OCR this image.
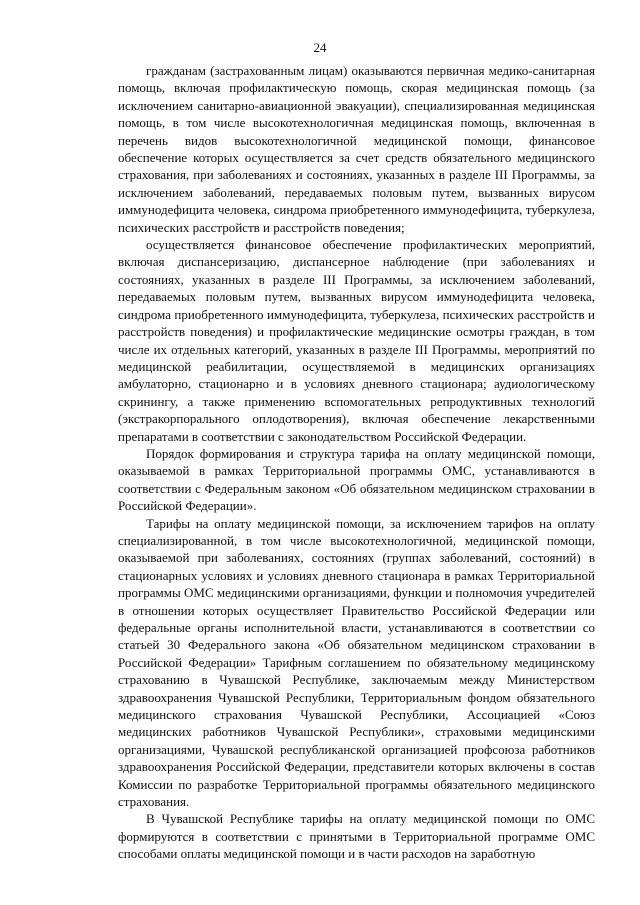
24

гражданам (застрахованным лицам) оказываются первичная медико-санитарная помощь, включая профилактическую помощь, скорая медицинская помощь (за исключением санитарно-авиационной эвакуации), специализированная медицинская помощь, в том числе высокотехнологичная медицинская помощь, включенная в перечень видов высокотехнологичной медицинской помощи, финансовое обеспечение которых осуществляется за счет средств обязательного медицинского страхования, при заболеваниях и состояниях, указанных в разделе III Программы, за исключением заболеваний, передаваемых половым путем, вызванных вирусом иммунодефицита человека, синдрома приобретенного иммунодефицита, туберкулеза, психических расстройств и расстройств поведения;

осуществляется финансовое обеспечение профилактических мероприятий, включая диспансеризацию, диспансерное наблюдение (при заболеваниях и состояниях, указанных в разделе III Программы, за исключением заболеваний, передаваемых половым путем, вызванных вирусом иммунодефицита человека, синдрома приобретенного иммунодефицита, туберкулеза, психических расстройств и расстройств поведения) и профилактические медицинские осмотры граждан, в том числе их отдельных категорий, указанных в разделе III Программы, мероприятий по медицинской реабилитации, осуществляемой в медицинских организациях амбулаторно, стационарно и в условиях дневного стационара; аудиологическому скринингу, а также применению вспомогательных репродуктивных технологий (экстракорпорального оплодотворения), включая обеспечение лекарственными препаратами в соответствии с законодательством Российской Федерации.

Порядок формирования и структура тарифа на оплату медицинской помощи, оказываемой в рамках Территориальной программы ОМС, устанавливаются в соответствии с Федеральным законом «Об обязательном медицинском страховании в Российской Федерации».

Тарифы на оплату медицинской помощи, за исключением тарифов на оплату специализированной, в том числе высокотехнологичной, медицинской помощи, оказываемой при заболеваниях, состояниях (группах заболеваний, состояний) в стационарных условиях и условиях дневного стационара в рамках Территориальной программы ОМС медицинскими организациями, функции и полномочия учредителей в отношении которых осуществляет Правительство Российской Федерации или федеральные органы исполнительной власти, устанавливаются в соответствии со статьей 30 Федерального закона «Об обязательном медицинском страховании в Российской Федерации» Тарифным соглашением по обязательному медицинскому страхованию в Чувашской Республике, заключаемым между Министерством здравоохранения Чувашской Республики, Территориальным фондом обязательного медицинского страхования Чувашской Республики, Ассоциацией «Союз медицинских работников Чувашской Республики», страховыми медицинскими организациями, Чувашской республиканской организацией профсоюза работников здравоохранения Российской Федерации, представители которых включены в состав Комиссии по разработке Территориальной программы обязательного медицинского страхования.

В Чувашской Республике тарифы на оплату медицинской помощи по ОМС формируются в соответствии с принятыми в Территориальной программе ОМС способами оплаты медицинской помощи и в части расходов на заработную
